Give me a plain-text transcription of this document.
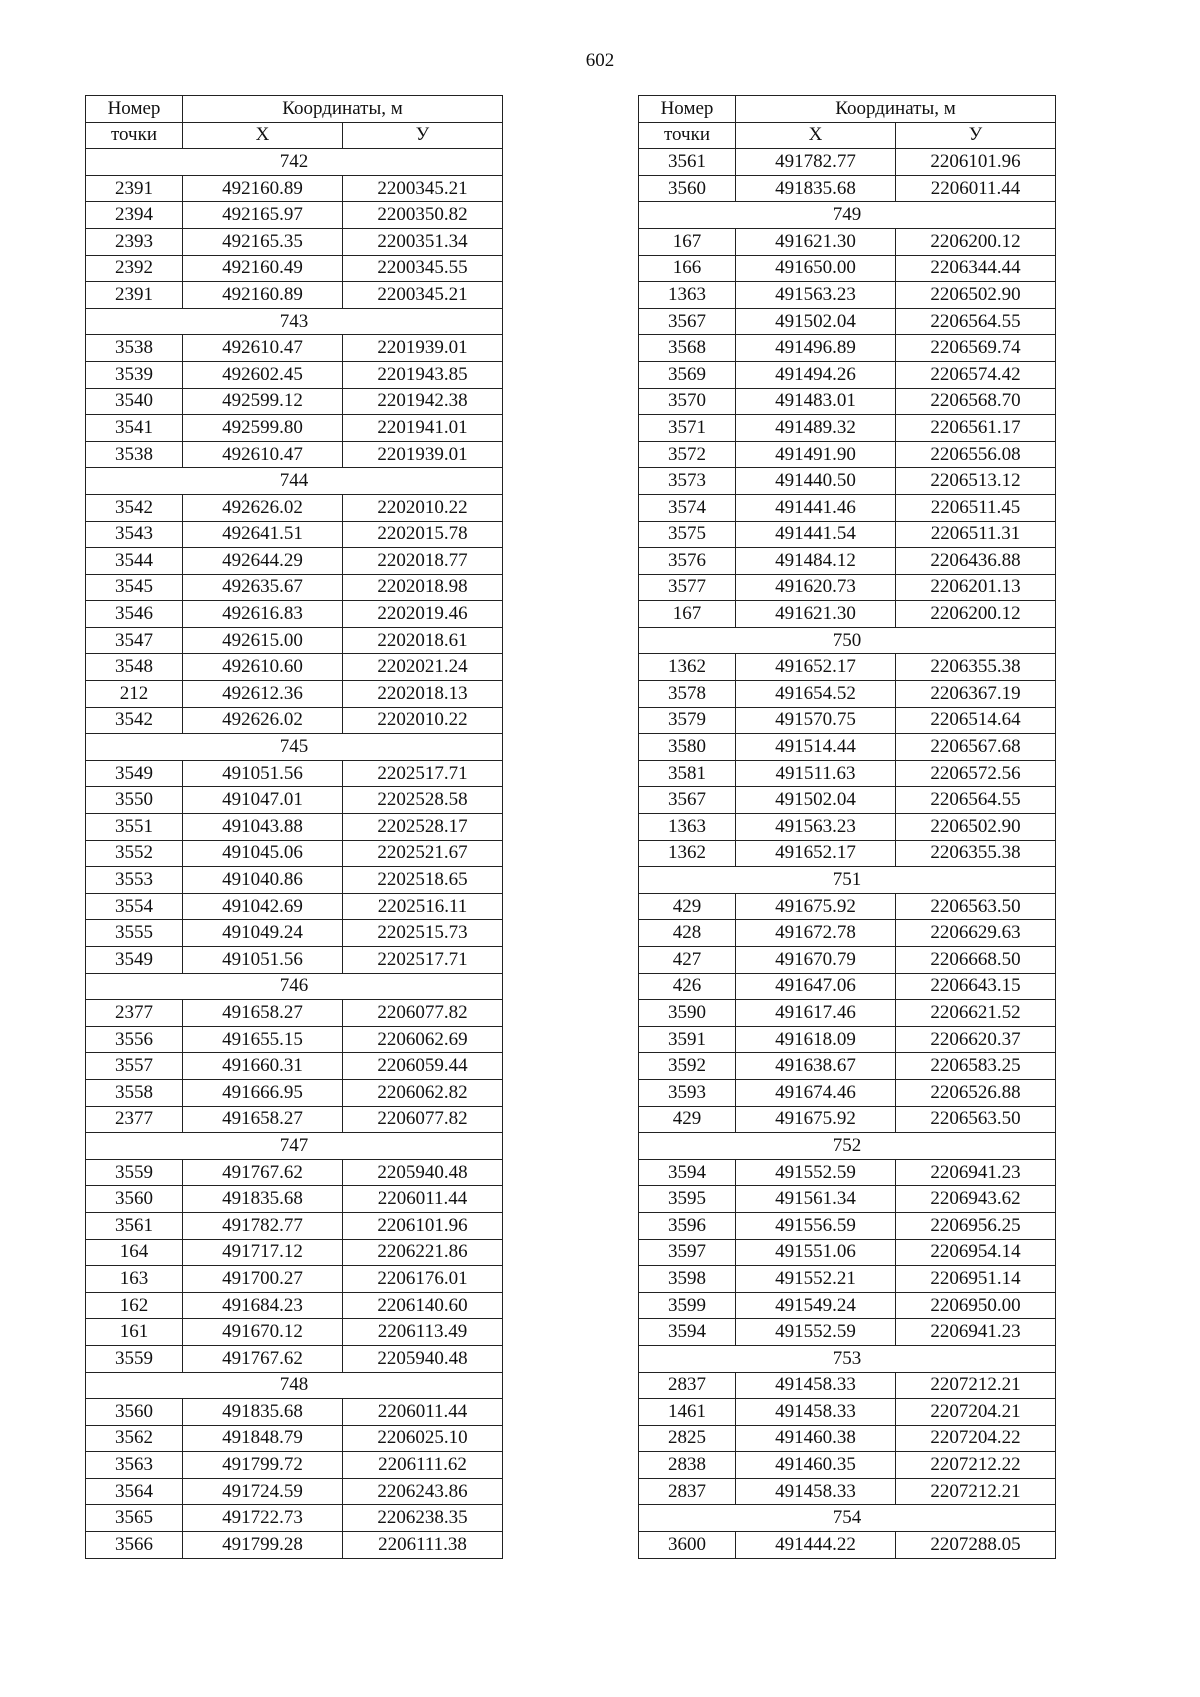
602
Номер	Координаты, м	
точки	X	У
742		
2391	492160.89	2200345.21
2394	492165.97	2200350.82
2393	492165.35	2200351.34
2392	492160.49	2200345.55
2391	492160.89	2200345.21
743		
3538	492610.47	2201939.01
3539	492602.45	2201943.85
3540	492599.12	2201942.38
3541	492599.80	2201941.01
3538	492610.47	2201939.01
744		
3542	492626.02	2202010.22
3543	492641.51	2202015.78
3544	492644.29	2202018.77
3545	492635.67	2202018.98
3546	492616.83	2202019.46
3547	492615.00	2202018.61
3548	492610.60	2202021.24
212	492612.36	2202018.13
3542	492626.02	2202010.22
745		
3549	491051.56	2202517.71
3550	491047.01	2202528.58
3551	491043.88	2202528.17
3552	491045.06	2202521.67
3553	491040.86	2202518.65
3554	491042.69	2202516.11
3555	491049.24	2202515.73
3549	491051.56	2202517.71
746		
2377	491658.27	2206077.82
3556	491655.15	2206062.69
3557	491660.31	2206059.44
3558	491666.95	2206062.82
2377	491658.27	2206077.82
747		
3559	491767.62	2205940.48
3560	491835.68	2206011.44
3561	491782.77	2206101.96
164	491717.12	2206221.86
163	491700.27	2206176.01
162	491684.23	2206140.60
161	491670.12	2206113.49
3559	491767.62	2205940.48
748		
3560	491835.68	2206011.44
3562	491848.79	2206025.10
3563	491799.72	2206111.62
3564	491724.59	2206243.86
3565	491722.73	2206238.35
3566	491799.28	2206111.38
Номер	Координаты, м	
точки	X	У
3561	491782.77	2206101.96
3560	491835.68	2206011.44
749		
167	491621.30	2206200.12
166	491650.00	2206344.44
1363	491563.23	2206502.90
3567	491502.04	2206564.55
3568	491496.89	2206569.74
3569	491494.26	2206574.42
3570	491483.01	2206568.70
3571	491489.32	2206561.17
3572	491491.90	2206556.08
3573	491440.50	2206513.12
3574	491441.46	2206511.45
3575	491441.54	2206511.31
3576	491484.12	2206436.88
3577	491620.73	2206201.13
167	491621.30	2206200.12
750		
1362	491652.17	2206355.38
3578	491654.52	2206367.19
3579	491570.75	2206514.64
3580	491514.44	2206567.68
3581	491511.63	2206572.56
3567	491502.04	2206564.55
1363	491563.23	2206502.90
1362	491652.17	2206355.38
751		
429	491675.92	2206563.50
428	491672.78	2206629.63
427	491670.79	2206668.50
426	491647.06	2206643.15
3590	491617.46	2206621.52
3591	491618.09	2206620.37
3592	491638.67	2206583.25
3593	491674.46	2206526.88
429	491675.92	2206563.50
752		
3594	491552.59	2206941.23
3595	491561.34	2206943.62
3596	491556.59	2206956.25
3597	491551.06	2206954.14
3598	491552.21	2206951.14
3599	491549.24	2206950.00
3594	491552.59	2206941.23
753		
2837	491458.33	2207212.21
1461	491458.33	2207204.21
2825	491460.38	2207204.22
2838	491460.35	2207212.22
2837	491458.33	2207212.21
754		
3600	491444.22	2207288.05
